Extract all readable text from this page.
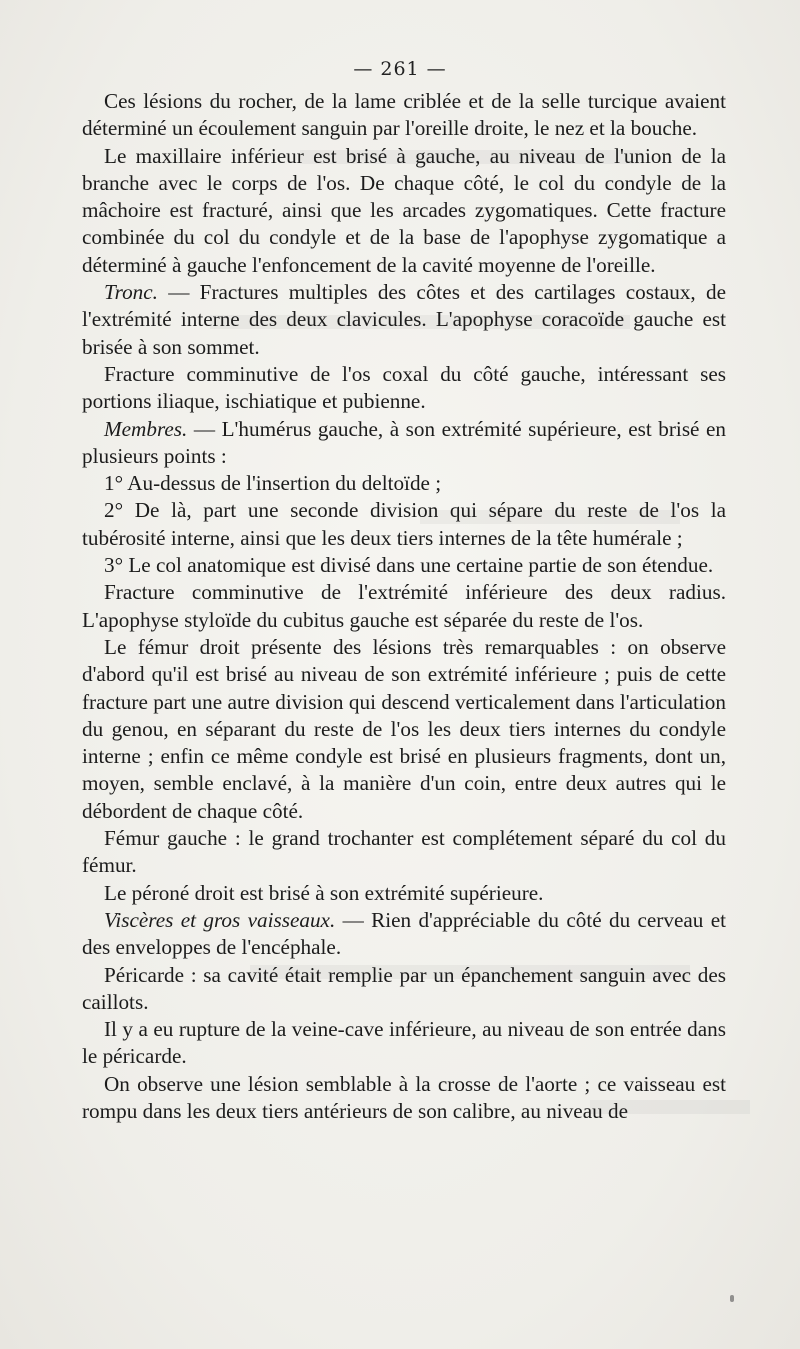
— 261 —

Ces lésions du rocher, de la lame criblée et de la selle turcique avaient déterminé un écoulement sanguin par l'oreille droite, le nez et la bouche.

Le maxillaire inférieur est brisé à gauche, au niveau de l'union de la branche avec le corps de l'os. De chaque côté, le col du condyle de la mâchoire est fracturé, ainsi que les arcades zygomatiques. Cette fracture combinée du col du condyle et de la base de l'apophyse zygomatique a déterminé à gauche l'enfoncement de la cavité moyenne de l'oreille.

Tronc. — Fractures multiples des côtes et des cartilages costaux, de l'extrémité interne des deux clavicules. L'apophyse coracoïde gauche est brisée à son sommet.

Fracture comminutive de l'os coxal du côté gauche, intéressant ses portions iliaque, ischiatique et pubienne.

Membres. — L'humérus gauche, à son extrémité supérieure, est brisé en plusieurs points :

1° Au-dessus de l'insertion du deltoïde ;

2° De là, part une seconde division qui sépare du reste de l'os la tubérosité interne, ainsi que les deux tiers internes de la tête humérale ;

3° Le col anatomique est divisé dans une certaine partie de son étendue.

Fracture comminutive de l'extrémité inférieure des deux radius. L'apophyse styloïde du cubitus gauche est séparée du reste de l'os.

Le fémur droit présente des lésions très remarquables : on observe d'abord qu'il est brisé au niveau de son extrémité inférieure ; puis de cette fracture part une autre division qui descend verticalement dans l'articulation du genou, en séparant du reste de l'os les deux tiers internes du condyle interne ; enfin ce même condyle est brisé en plusieurs fragments, dont un, moyen, semble enclavé, à la manière d'un coin, entre deux autres qui le débordent de chaque côté.

Fémur gauche : le grand trochanter est complétement séparé du col du fémur.

Le péroné droit est brisé à son extrémité supérieure.

Viscères et gros vaisseaux. — Rien d'appréciable du côté du cerveau et des enveloppes de l'encéphale.

Péricarde : sa cavité était remplie par un épanchement sanguin avec des caillots.

Il y a eu rupture de la veine-cave inférieure, au niveau de son entrée dans le péricarde.

On observe une lésion semblable à la crosse de l'aorte ; ce vaisseau est rompu dans les deux tiers antérieurs de son calibre, au niveau de
